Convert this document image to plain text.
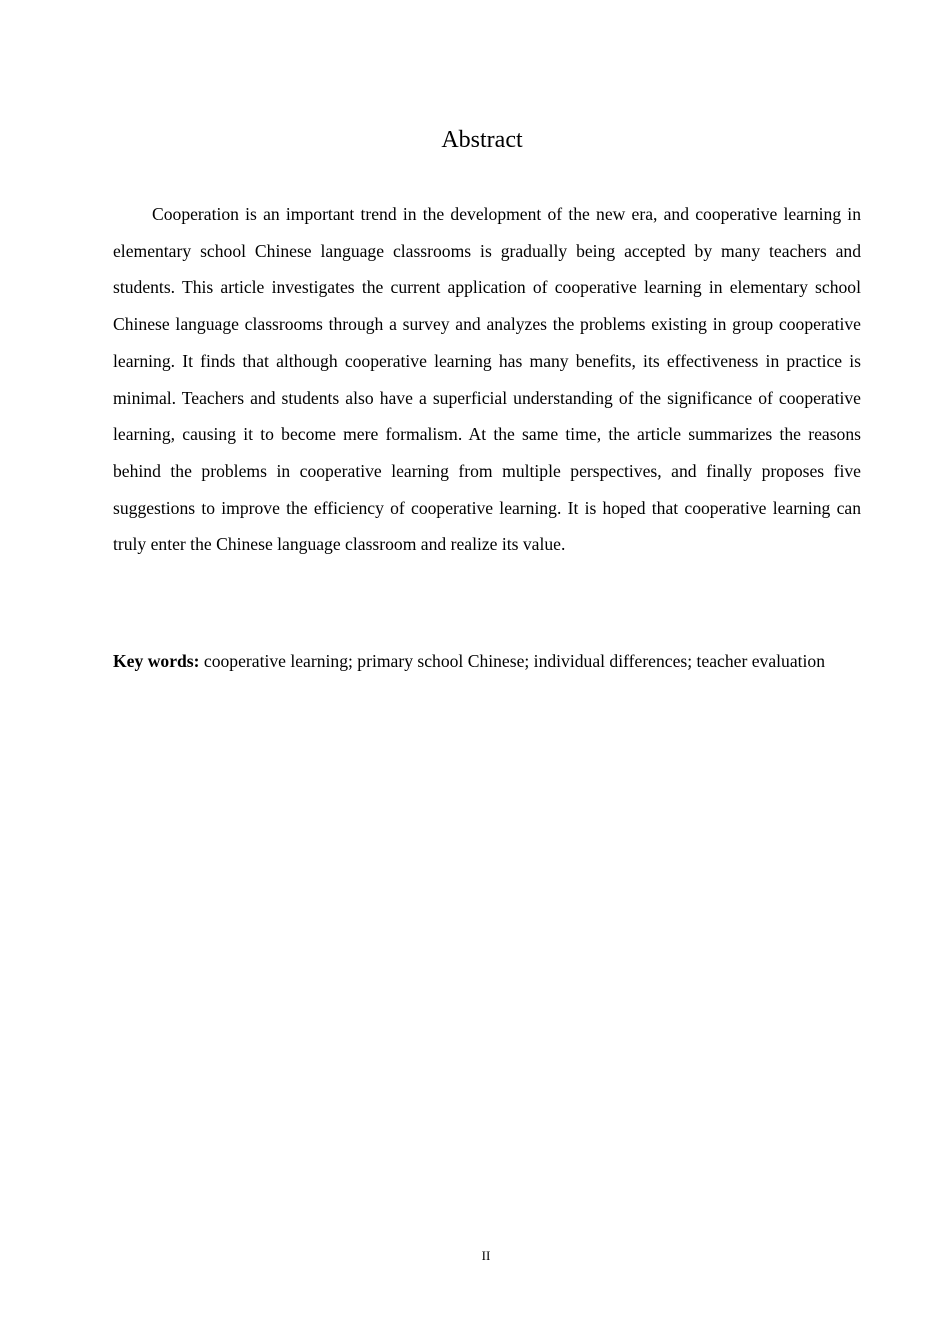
Abstract

Cooperation is an important trend in the development of the new era, and cooperative learning in elementary school Chinese language classrooms is gradually being accepted by many teachers and students. This article investigates the current application of cooperative learning in elementary school Chinese language classrooms through a survey and analyzes the problems existing in group cooperative learning. It finds that although cooperative learning has many benefits, its effectiveness in practice is minimal. Teachers and students also have a superficial understanding of the significance of cooperative learning, causing it to become mere formalism. At the same time, the article summarizes the reasons behind the problems in cooperative learning from multiple perspectives, and finally proposes five suggestions to improve the efficiency of cooperative learning. It is hoped that cooperative learning can truly enter the Chinese language classroom and realize its value.

Key words: cooperative learning; primary school Chinese; individual differences; teacher evaluation

II
